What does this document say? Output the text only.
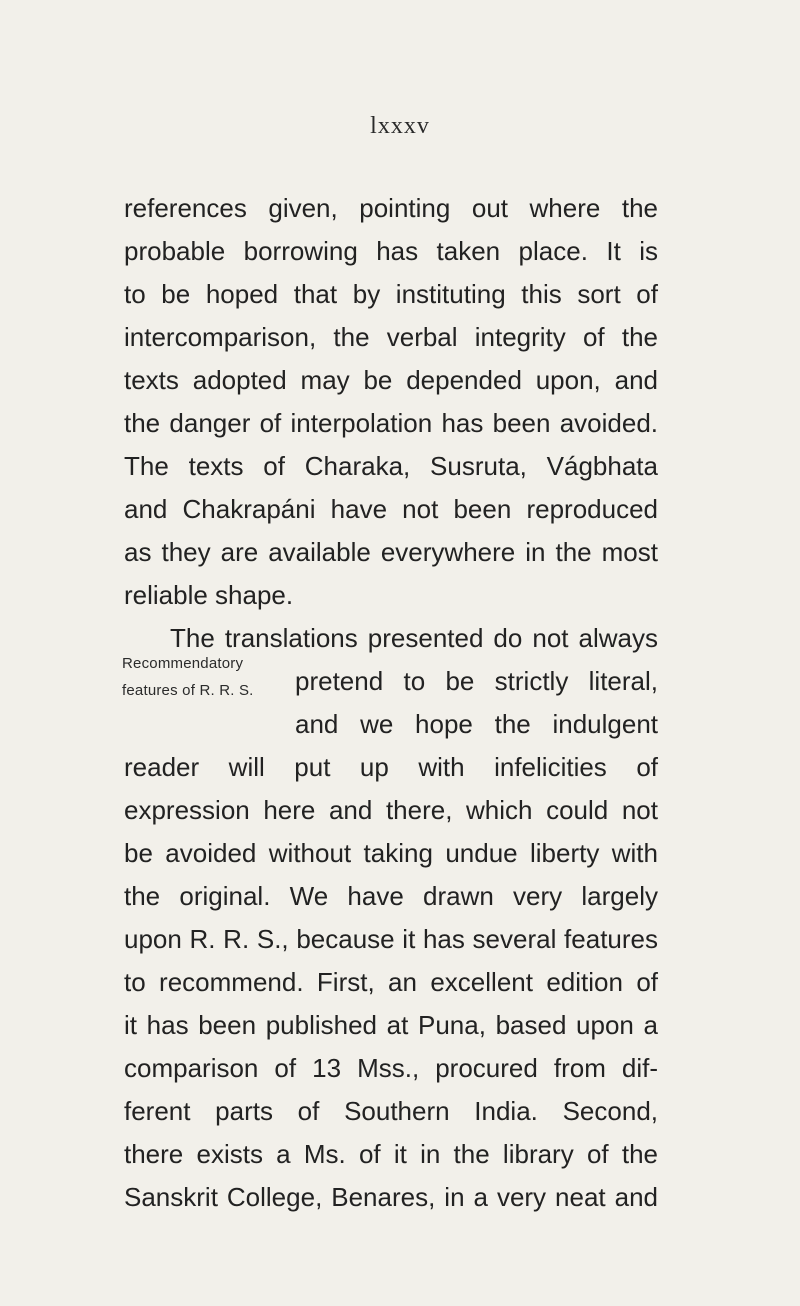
lxxxv
references given, pointing out where the
probable borrowing has taken place. It is
to be hoped that by instituting this sort of
intercomparison, the verbal integrity of the
texts adopted may be depended upon, and
the danger of interpolation has been avoided.
The texts of Charaka, Susruta, Vágbhata
and Chakrapáni have not been reproduced
as they are available everywhere in the most
reliable shape.
The translations presented do not always
Recommendatory
features of R. R. S.	pretend to be strictly literal,
and we hope the indulgent
reader will put up with infelicities of
expression here and there, which could not
be avoided without taking undue liberty with
the original. We have drawn very largely
upon R. R. S., because it has several features
to recommend. First, an excellent edition of
it has been published at Puna, based upon a
comparison of 13 Mss., procured from dif-
ferent parts of Southern India. Second,
there exists a Ms. of it in the library of the
Sanskrit College, Benares, in a very neat and
